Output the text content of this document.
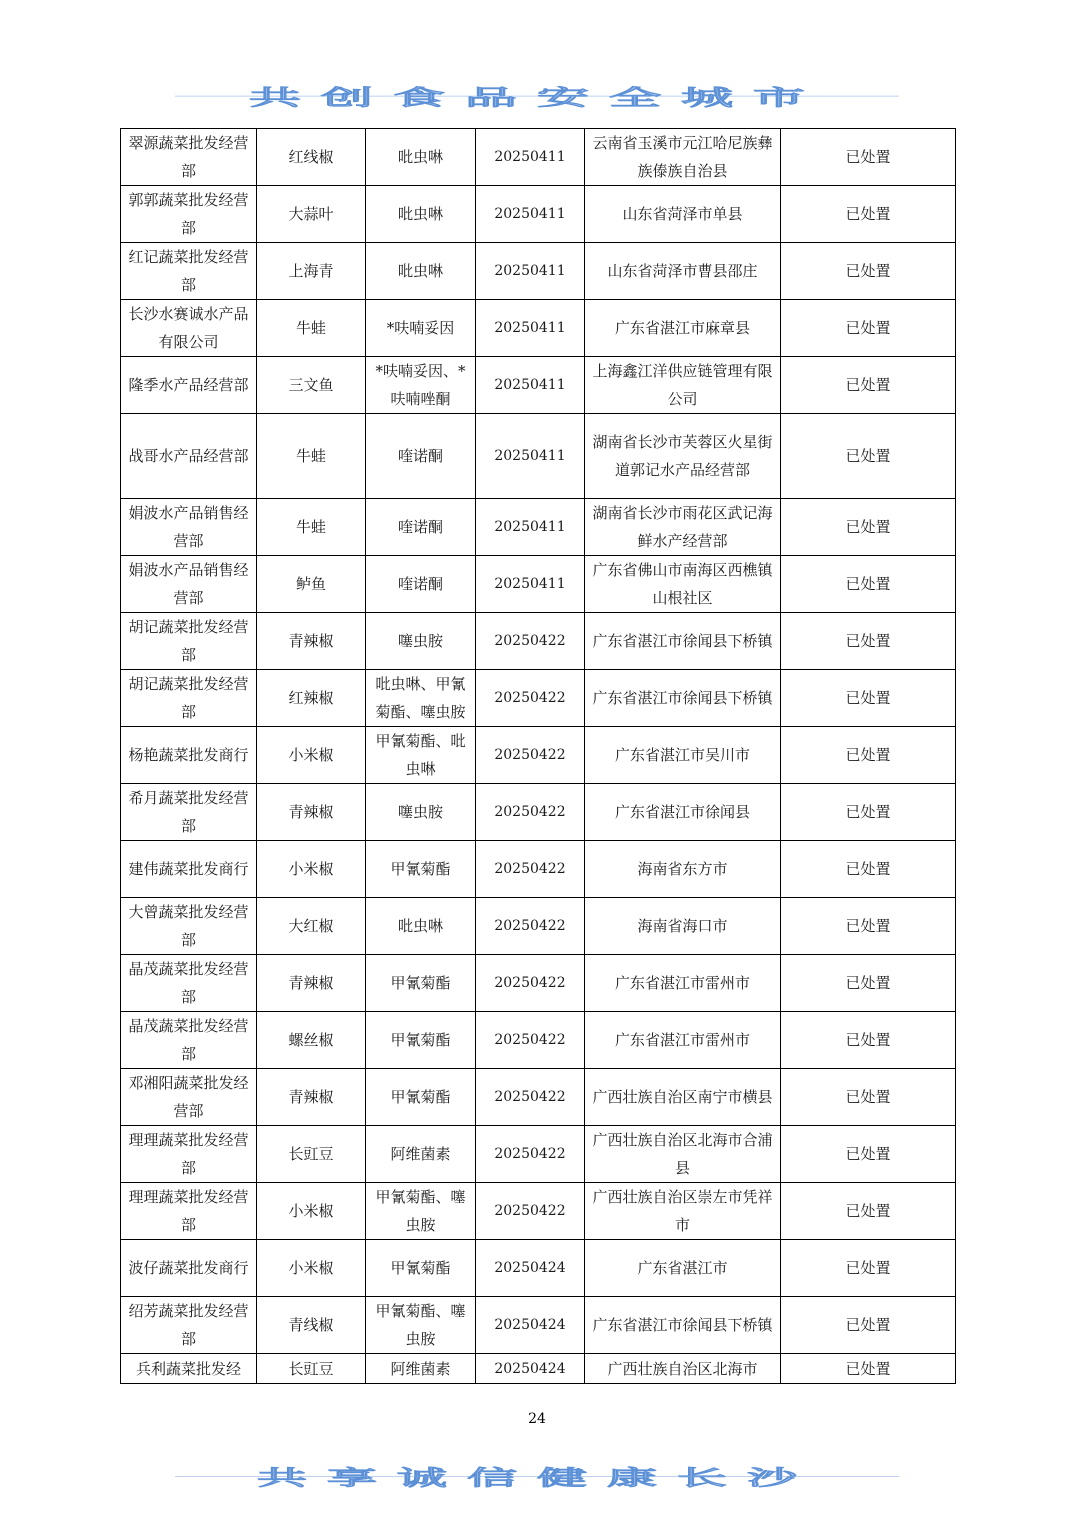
共创食品安全城市
翠源蔬菜批发经营部	红线椒	吡虫啉	20250411	云南省玉溪市元江哈尼族彝族傣族自治县	已处置
郭郭蔬菜批发经营部	大蒜叶	吡虫啉	20250411	山东省菏泽市单县	已处置
红记蔬菜批发经营部	上海青	吡虫啉	20250411	山东省菏泽市曹县邵庄	已处置
长沙水赛诚水产品有限公司	牛蛙	*呋喃妥因	20250411	广东省湛江市麻章县	已处置
隆季水产品经营部	三文鱼	*呋喃妥因、*呋喃唑酮	20250411	上海鑫江洋供应链管理有限公司	已处置
战哥水产品经营部	牛蛙	喹诺酮	20250411	湖南省长沙市芙蓉区火星街道郭记水产品经营部	已处置
娟波水产品销售经营部	牛蛙	喹诺酮	20250411	湖南省长沙市雨花区武记海鲜水产经营部	已处置
娟波水产品销售经营部	鲈鱼	喹诺酮	20250411	广东省佛山市南海区西樵镇山根社区	已处置
胡记蔬菜批发经营部	青辣椒	噻虫胺	20250422	广东省湛江市徐闻县下桥镇	已处置
胡记蔬菜批发经营部	红辣椒	吡虫啉、甲氰菊酯、噻虫胺	20250422	广东省湛江市徐闻县下桥镇	已处置
杨艳蔬菜批发商行	小米椒	甲氰菊酯、吡虫啉	20250422	广东省湛江市吴川市	已处置
希月蔬菜批发经营部	青辣椒	噻虫胺	20250422	广东省湛江市徐闻县	已处置
建伟蔬菜批发商行	小米椒	甲氰菊酯	20250422	海南省东方市	已处置
大曾蔬菜批发经营部	大红椒	吡虫啉	20250422	海南省海口市	已处置
晶茂蔬菜批发经营部	青辣椒	甲氰菊酯	20250422	广东省湛江市雷州市	已处置
晶茂蔬菜批发经营部	螺丝椒	甲氰菊酯	20250422	广东省湛江市雷州市	已处置
邓湘阳蔬菜批发经营部	青辣椒	甲氰菊酯	20250422	广西壮族自治区南宁市横县	已处置
理理蔬菜批发经营部	长豇豆	阿维菌素	20250422	广西壮族自治区北海市合浦县	已处置
理理蔬菜批发经营部	小米椒	甲氰菊酯、噻虫胺	20250422	广西壮族自治区崇左市凭祥市	已处置
波仔蔬菜批发商行	小米椒	甲氰菊酯	20250424	广东省湛江市	已处置
绍芳蔬菜批发经营部	青线椒	甲氰菊酯、噻虫胺	20250424	广东省湛江市徐闻县下桥镇	已处置
兵利蔬菜批发经	长豇豆	阿维菌素	20250424	广西壮族自治区北海市	已处置
24
共享诚信健康长沙
